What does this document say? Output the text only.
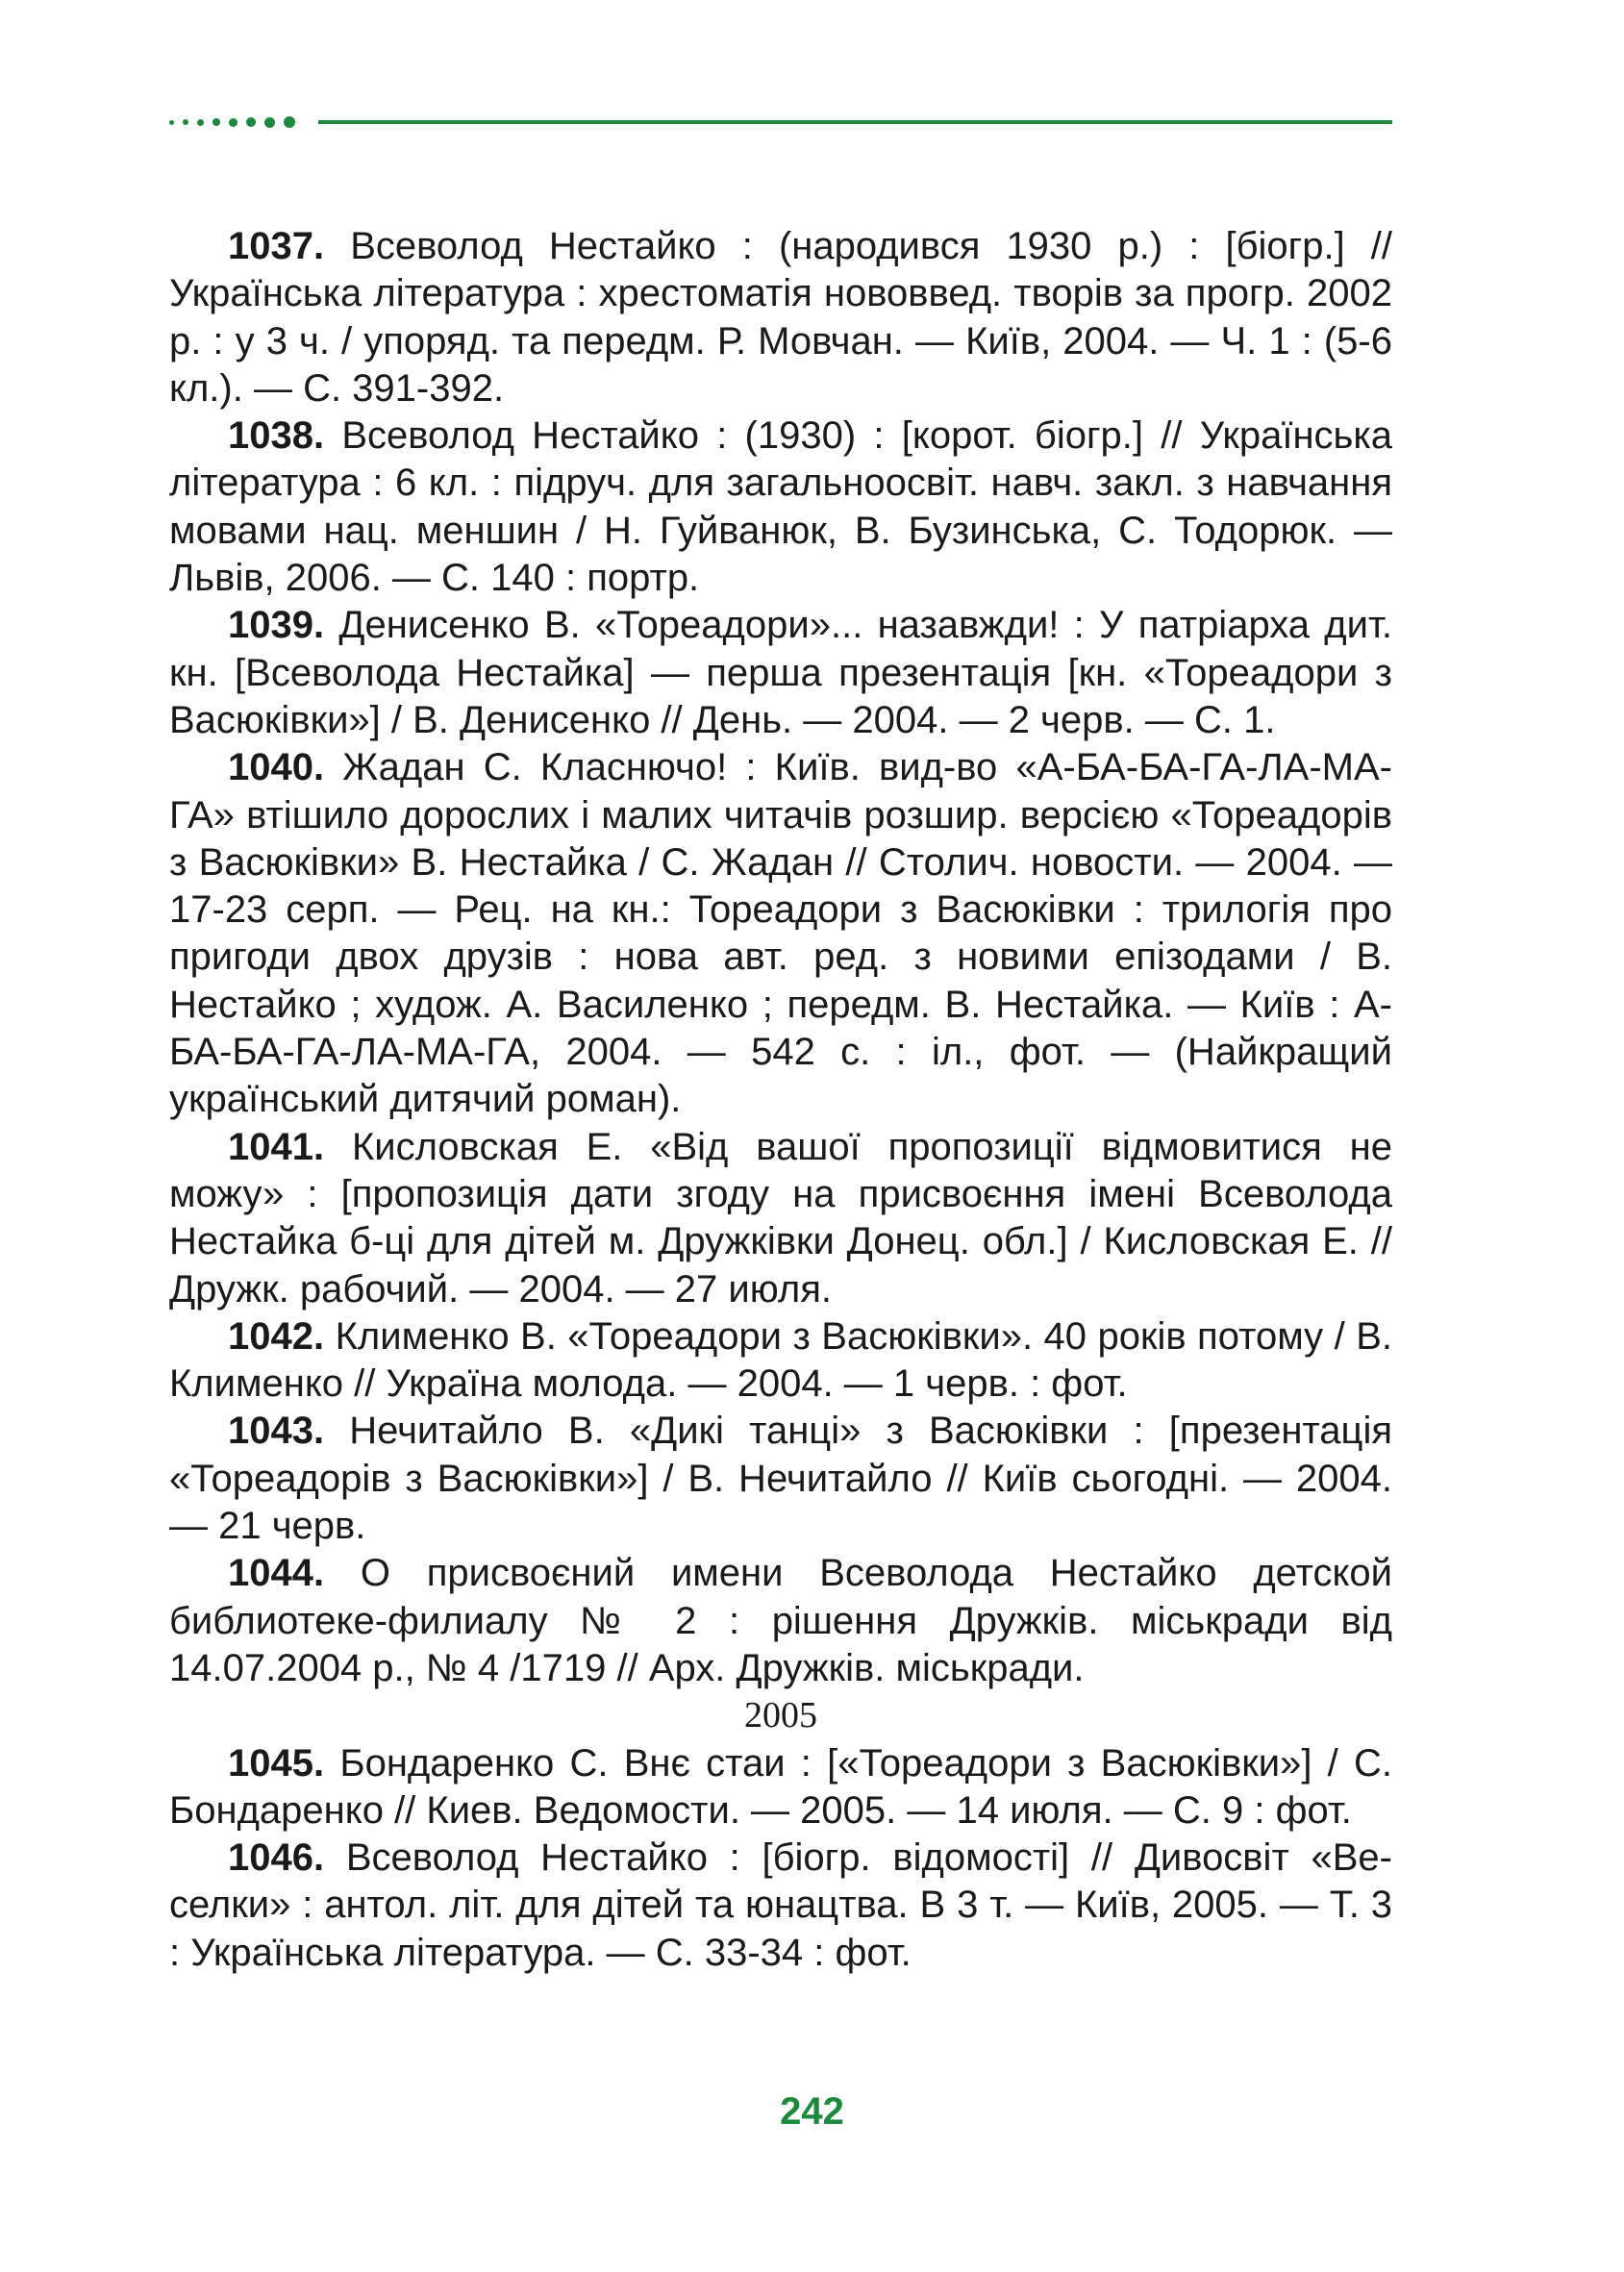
1037. Всеволод Нестайко : (народився 1930 р.) : [біогр.] // Українська література : хрестоматія нововвед. творів за прогр. 2002 р. : у 3 ч. / упоряд. та передм. Р. Мовчан. — Київ, 2004. — Ч. 1 : (5-6 кл.). — С. 391-392.

1038. Всеволод Нестайко : (1930) : [корот. біогр.] // Українська література : 6 кл. : підруч. для загальноосвіт. навч. закл. з навчання мовами нац. меншин / Н. Гуйванюк, В. Бузинська, С. Тодорюк. — Львів, 2006. — С. 140 : портр.

1039. Денисенко В. «Тореадори»... назавжди! : У патріарха дит. кн. [Всеволода Нестайка] — перша презентація [кн. «Тореадори з Васюківки»] / В. Денисенко // День. — 2004. — 2 черв. — С. 1.

1040. Жадан С. Класнючо! : Київ. вид-во «А-БА-БА-ГА-ЛА-МА-ГА» втішило дорослих і малих читачів розшир. версією «Тореадорів з Васюківки» В. Нестайка / С. Жадан // Столич. новости. — 2004. — 17-23 серп. — Рец. на кн.: Тореадори з Васюківки : трилогія про пригоди двох друзів : нова авт. ред. з новими епізодами / В. Нестайко ; худож. А. Василенко ; передм. В. Нестайка. — Київ : А-БА-БА-ГА-ЛА-МА-ГА, 2004. — 542 с. : іл., фот. — (Найкращий український дитячий роман).

1041. Кисловская Е. «Від вашої пропозиції відмовитися не можу» : [пропозиція дати згоду на присвоєння імені Всеволода Нестайка б-ці для дітей м. Дружківки Донец. обл.] / Кисловская Е. // Дружк. рабочий. — 2004. — 27 июля.

1042. Клименко В. «Тореадори з Васюківки». 40 років потому / В. Клименко // Україна молода. — 2004. — 1 черв. : фот.

1043. Нечитайло В. «Дикі танці» з Васюківки : [презентація «Тореадорів з Васюківки»] / В. Нечитайло // Київ сьогодні. — 2004. — 21 черв.

1044. О присвоєний имени Всеволода Нестайко детской библиотеке-филиалу № 2 : рішення Дружків. міськради від 14.07.2004 р., № 4 /1719 // Арх. Дружків. міськради.

2005

1045. Бондаренко С. Внє стаи : [«Тореадори з Васюківки»] / С. Бондаренко // Киев. Ведомости. — 2005. — 14 июля. — С. 9 : фот.

1046. Всеволод Нестайко : [біогр. відомості] // Дивосвіт «Веселки» : антол. літ. для дітей та юнацтва. В 3 т. — Київ, 2005. — Т. 3 : Українська література. — С. 33-34 : фот.

242
